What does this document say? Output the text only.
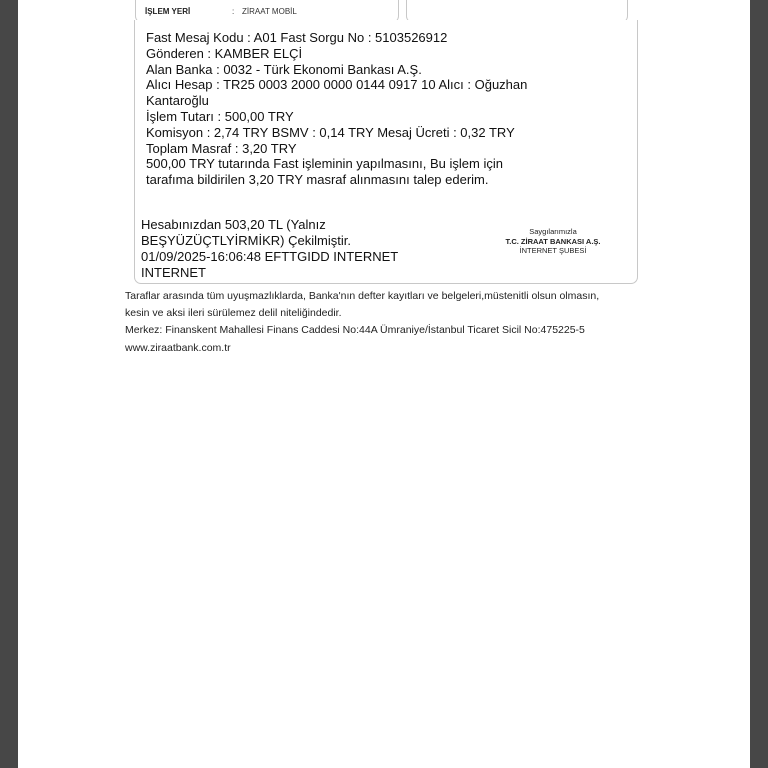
İŞLEM YERİ	: ZİRAAT MOBİL
Fast Mesaj Kodu : A01 Fast Sorgu No : 5103526912
Gönderen : KAMBER ELÇİ
Alan Banka : 0032 - Türk Ekonomi Bankası A.Ş.
Alıcı Hesap : TR25 0003 2000 0000 0144 0917 10 Alıcı : Oğuzhan
Kantaroğlu
İşlem Tutarı : 500,00 TRY
Komisyon : 2,74 TRY BSMV : 0,14 TRY Mesaj Ücreti : 0,32 TRY
Toplam Masraf : 3,20 TRY
500,00 TRY tutarında Fast işleminin yapılmasını, Bu işlem için
tarafıma bildirilen 3,20 TRY masraf alınmasını talep ederim.
Hesabınızdan 503,20 TL (Yalnız
BEŞYÜZÜÇTLYİRMİKR) Çekilmiştir.
01/09/2025-16:06:48 EFTTGIDD INTERNET
INTERNET
Saygılarımızla
T.C. ZİRAAT BANKASI A.Ş.
İNTERNET ŞUBESİ
Taraflar arasında tüm uyuşmazlıklarda, Banka'nın defter kayıtları ve belgeleri,müstenitli olsun olmasın,
kesin ve aksi ileri sürülemez delil niteliğindedir.
Merkez: Finanskent Mahallesi Finans Caddesi No:44A Ümraniye/İstanbul Ticaret Sicil No:475225-5
www.ziraatbank.com.tr
